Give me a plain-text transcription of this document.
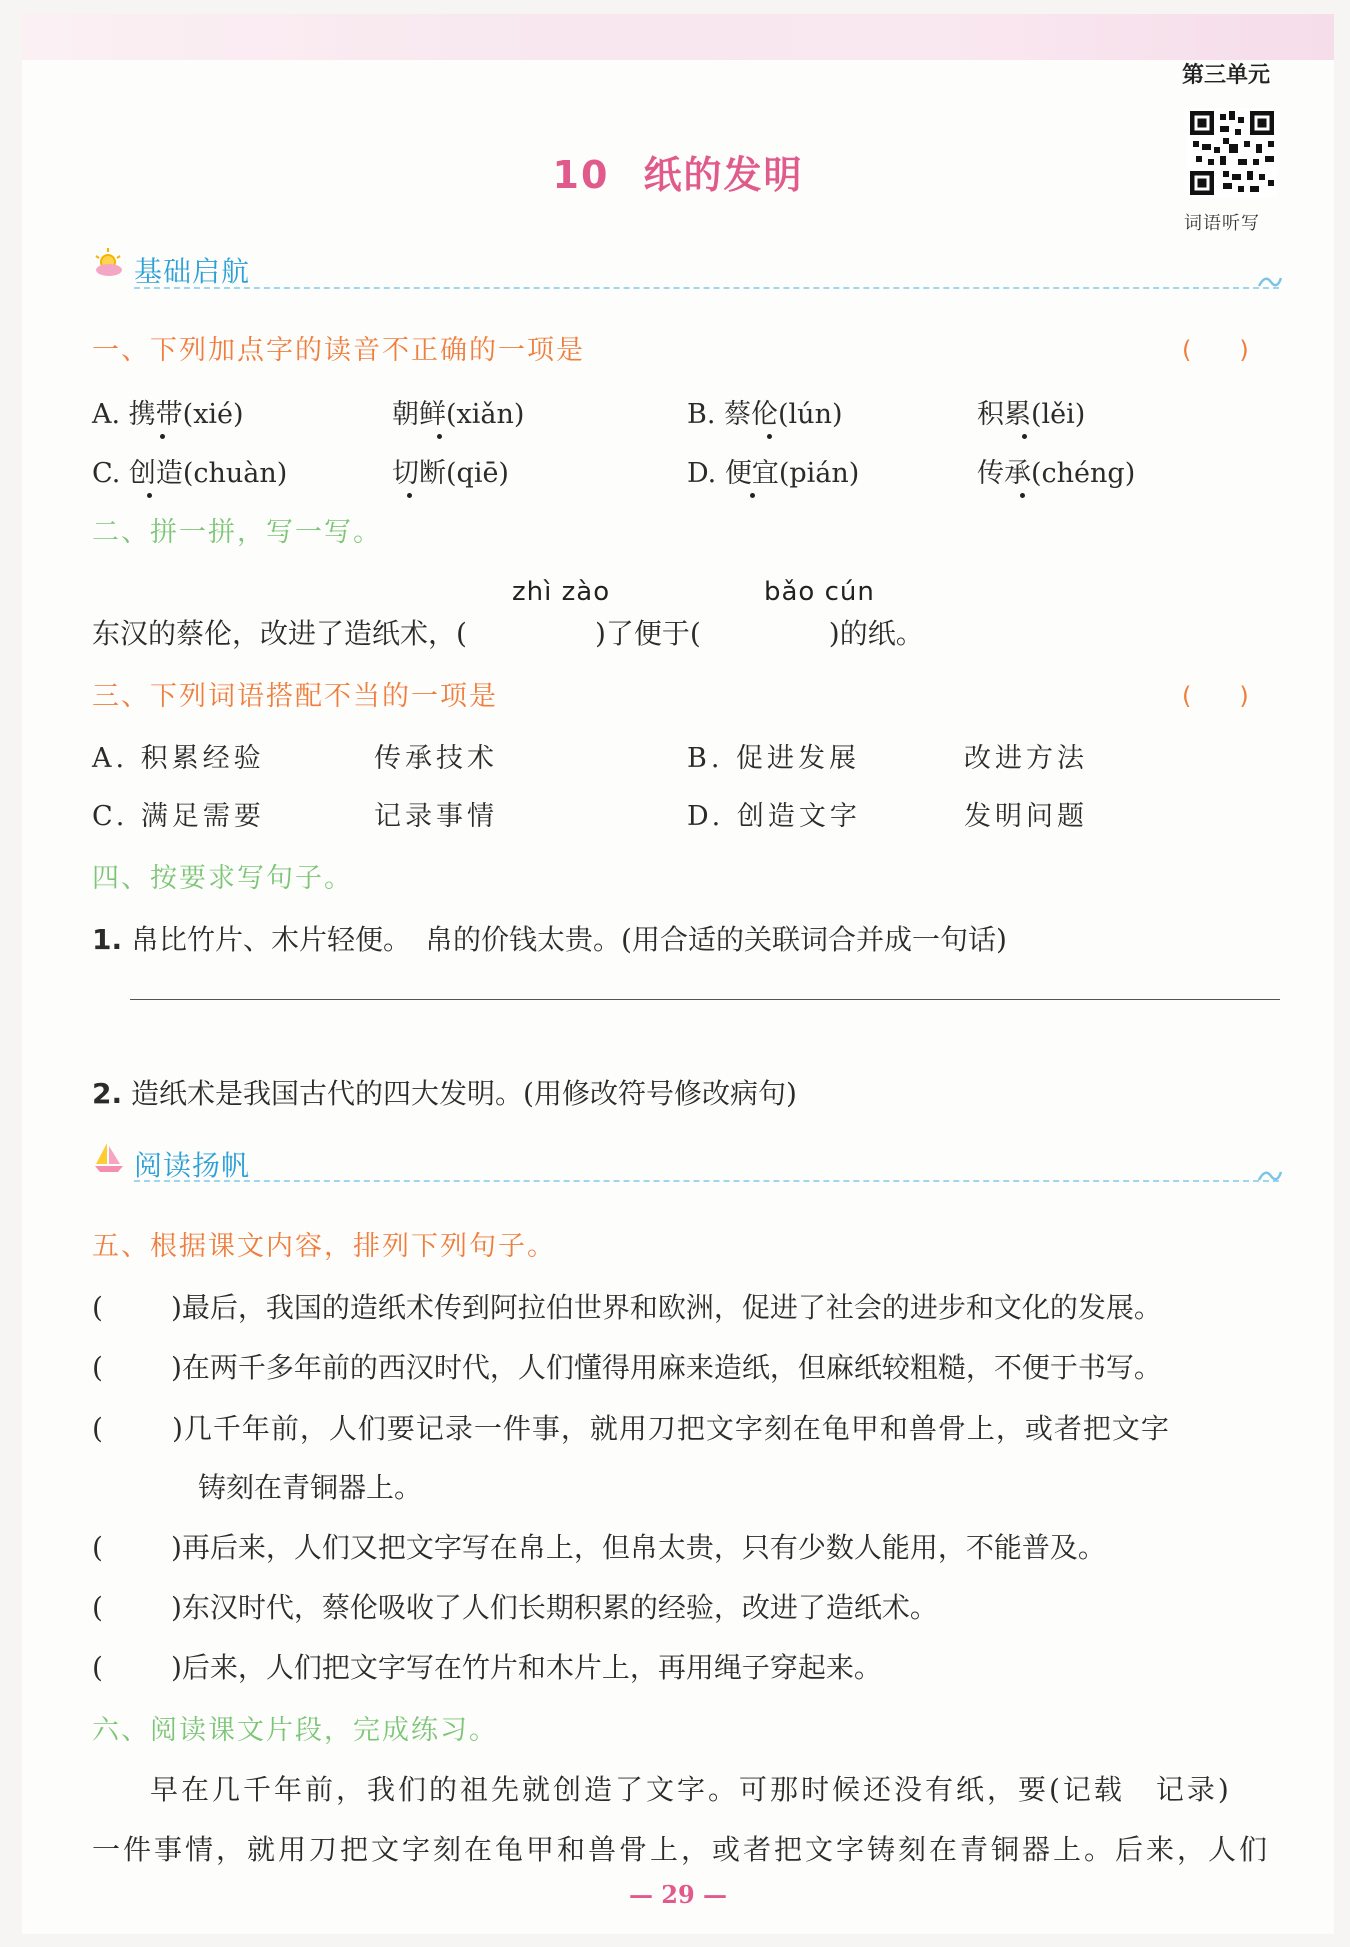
第三单元
词语听写
10 纸的发明
基础启航
一、下列加点字的读音不正确的一项是	(　　)
A. 携带(xié)	朝鲜(xiǎn)	B. 蔡伦(lún)	积累(lěi)
C. 创造(chuàn)	切断(qiē)	D. 便宜(pián)	传承(chéng)
二、拼一拼，写一写。
zhì zào	bǎo cún
东汉的蔡伦，改进了造纸术，(	)了便于(	)的纸。
三、下列词语搭配不当的一项是	(　　)
A. 积累经验	传承技术	B. 促进发展	改进方法
C. 满足需要	记录事情	D. 创造文字	发明问题
四、按要求写句子。
1. 帛比竹片、木片轻便。　帛的价钱太贵。(用合适的关联词合并成一句话)
2. 造纸术是我国古代的四大发明。(用修改符号修改病句)
阅读扬帆
五、根据课文内容，排列下列句子。
( )最后，我国的造纸术传到阿拉伯世界和欧洲，促进了社会的进步和文化的发展。
( )在两千多年前的西汉时代，人们懂得用麻来造纸，但麻纸较粗糙，不便于书写。
( )几千年前，人们要记录一件事，就用刀把文字刻在龟甲和兽骨上，或者把文字
铸刻在青铜器上。
( )再后来，人们又把文字写在帛上，但帛太贵，只有少数人能用，不能普及。
( )东汉时代，蔡伦吸收了人们长期积累的经验，改进了造纸术。
( )后来，人们把文字写在竹片和木片上，再用绳子穿起来。
六、阅读课文片段，完成练习。
早在几千年前，我们的祖先就创造了文字。可那时候还没有纸，要(记载　记录)
一件事情，就用刀把文字刻在龟甲和兽骨上，或者把文字铸刻在青铜器上。后来，人们
— 29 —
